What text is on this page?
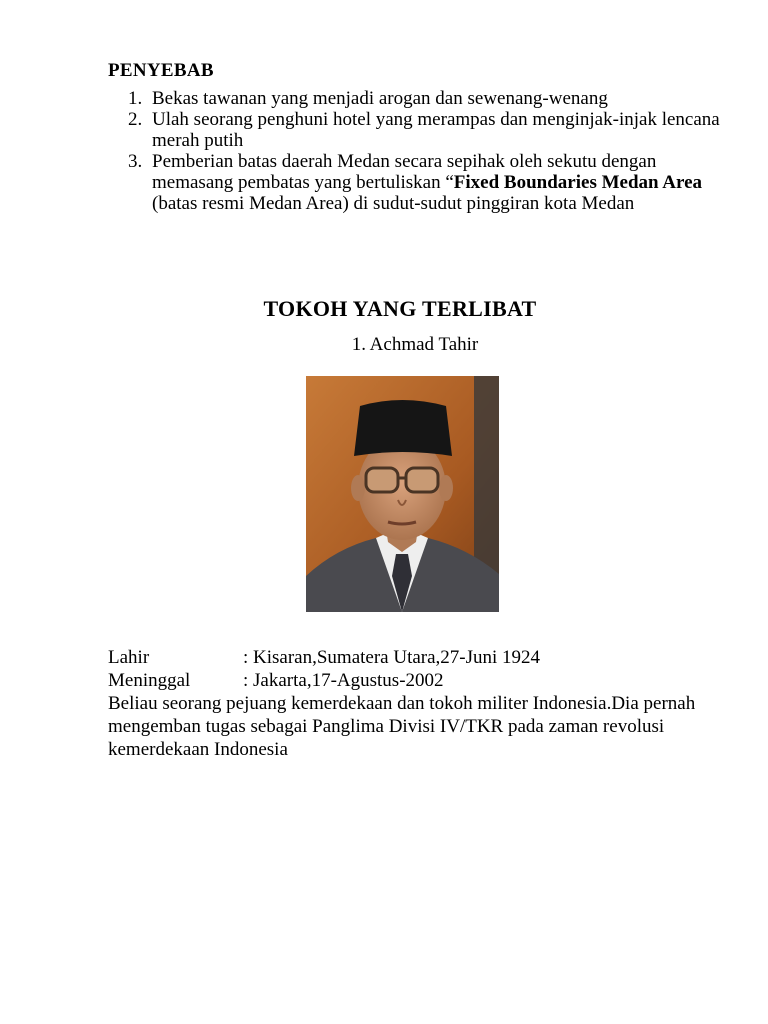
PENYEBAB
1. Bekas tawanan yang menjadi arogan dan sewenang-wenang
2. Ulah seorang penghuni hotel yang merampas dan menginjak-injak lencana merah putih
3. Pemberian batas daerah Medan secara sepihak oleh sekutu dengan memasang pembatas yang bertuliskan “Fixed Boundaries Medan Area (batas resmi Medan Area) di sudut-sudut pinggiran kota Medan
TOKOH YANG TERLIBAT
1. Achmad Tahir
Lahir	: Kisaran,Sumatera Utara,27-Juni 1924
Meninggal	: Jakarta,17-Agustus-2002

Beliau seorang pejuang kemerdekaan dan tokoh militer Indonesia.Dia pernah mengemban tugas sebagai Panglima Divisi IV/TKR pada zaman revolusi kemerdekaan Indonesia
